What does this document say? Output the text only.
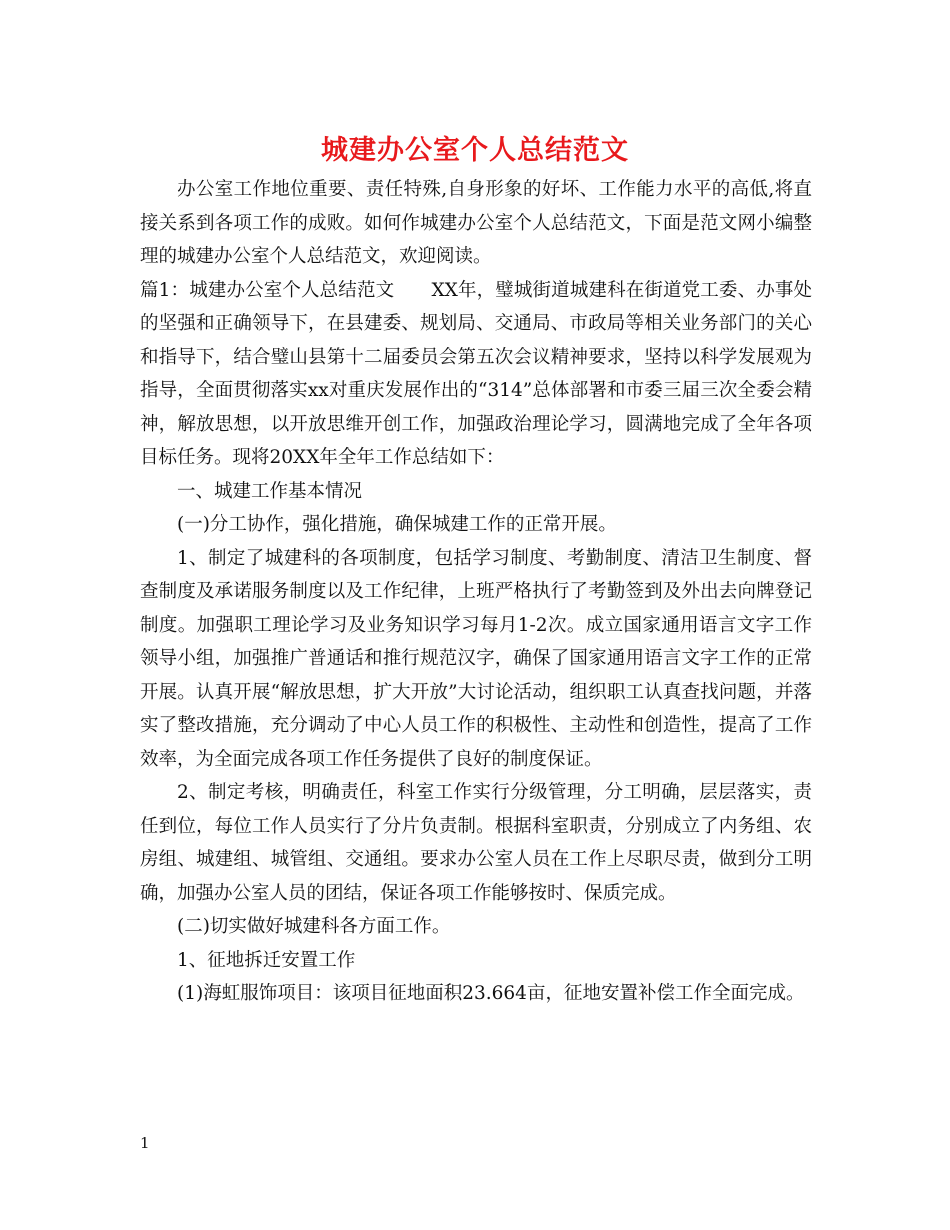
城建办公室个人总结范文

办公室工作地位重要、责任特殊,自身形象的好坏、工作能力水平的高低,将直接关系到各项工作的成败。如何作城建办公室个人总结范文，下面是范文网小编整理的城建办公室个人总结范文，欢迎阅读。

篇1：城建办公室个人总结范文　　XX年，璧城街道城建科在街道党工委、办事处的坚强和正确领导下，在县建委、规划局、交通局、市政局等相关业务部门的关心和指导下，结合璧山县第十二届委员会第五次会议精神要求，坚持以科学发展观为指导，全面贯彻落实xx对重庆发展作出的“314”总体部署和市委三届三次全委会精神，解放思想，以开放思维开创工作，加强政治理论学习，圆满地完成了全年各项目标任务。现将20XX年全年工作总结如下：

一、城建工作基本情况

(一)分工协作，强化措施，确保城建工作的正常开展。

1、制定了城建科的各项制度，包括学习制度、考勤制度、清洁卫生制度、督查制度及承诺服务制度以及工作纪律，上班严格执行了考勤签到及外出去向牌登记制度。加强职工理论学习及业务知识学习每月1-2次。成立国家通用语言文字工作领导小组，加强推广普通话和推行规范汉字，确保了国家通用语言文字工作的正常开展。认真开展“解放思想，扩大开放”大讨论活动，组织职工认真查找问题，并落实了整改措施，充分调动了中心人员工作的积极性、主动性和创造性，提高了工作效率，为全面完成各项工作任务提供了良好的制度保证。

2、制定考核，明确责任，科室工作实行分级管理，分工明确，层层落实，责任到位，每位工作人员实行了分片负责制。根据科室职责，分别成立了内务组、农房组、城建组、城管组、交通组。要求办公室人员在工作上尽职尽责，做到分工明确，加强办公室人员的团结，保证各项工作能够按时、保质完成。

(二)切实做好城建科各方面工作。

1、征地拆迁安置工作

(1)海虹服饰项目：该项目征地面积23.664亩，征地安置补偿工作全面完成。

1
